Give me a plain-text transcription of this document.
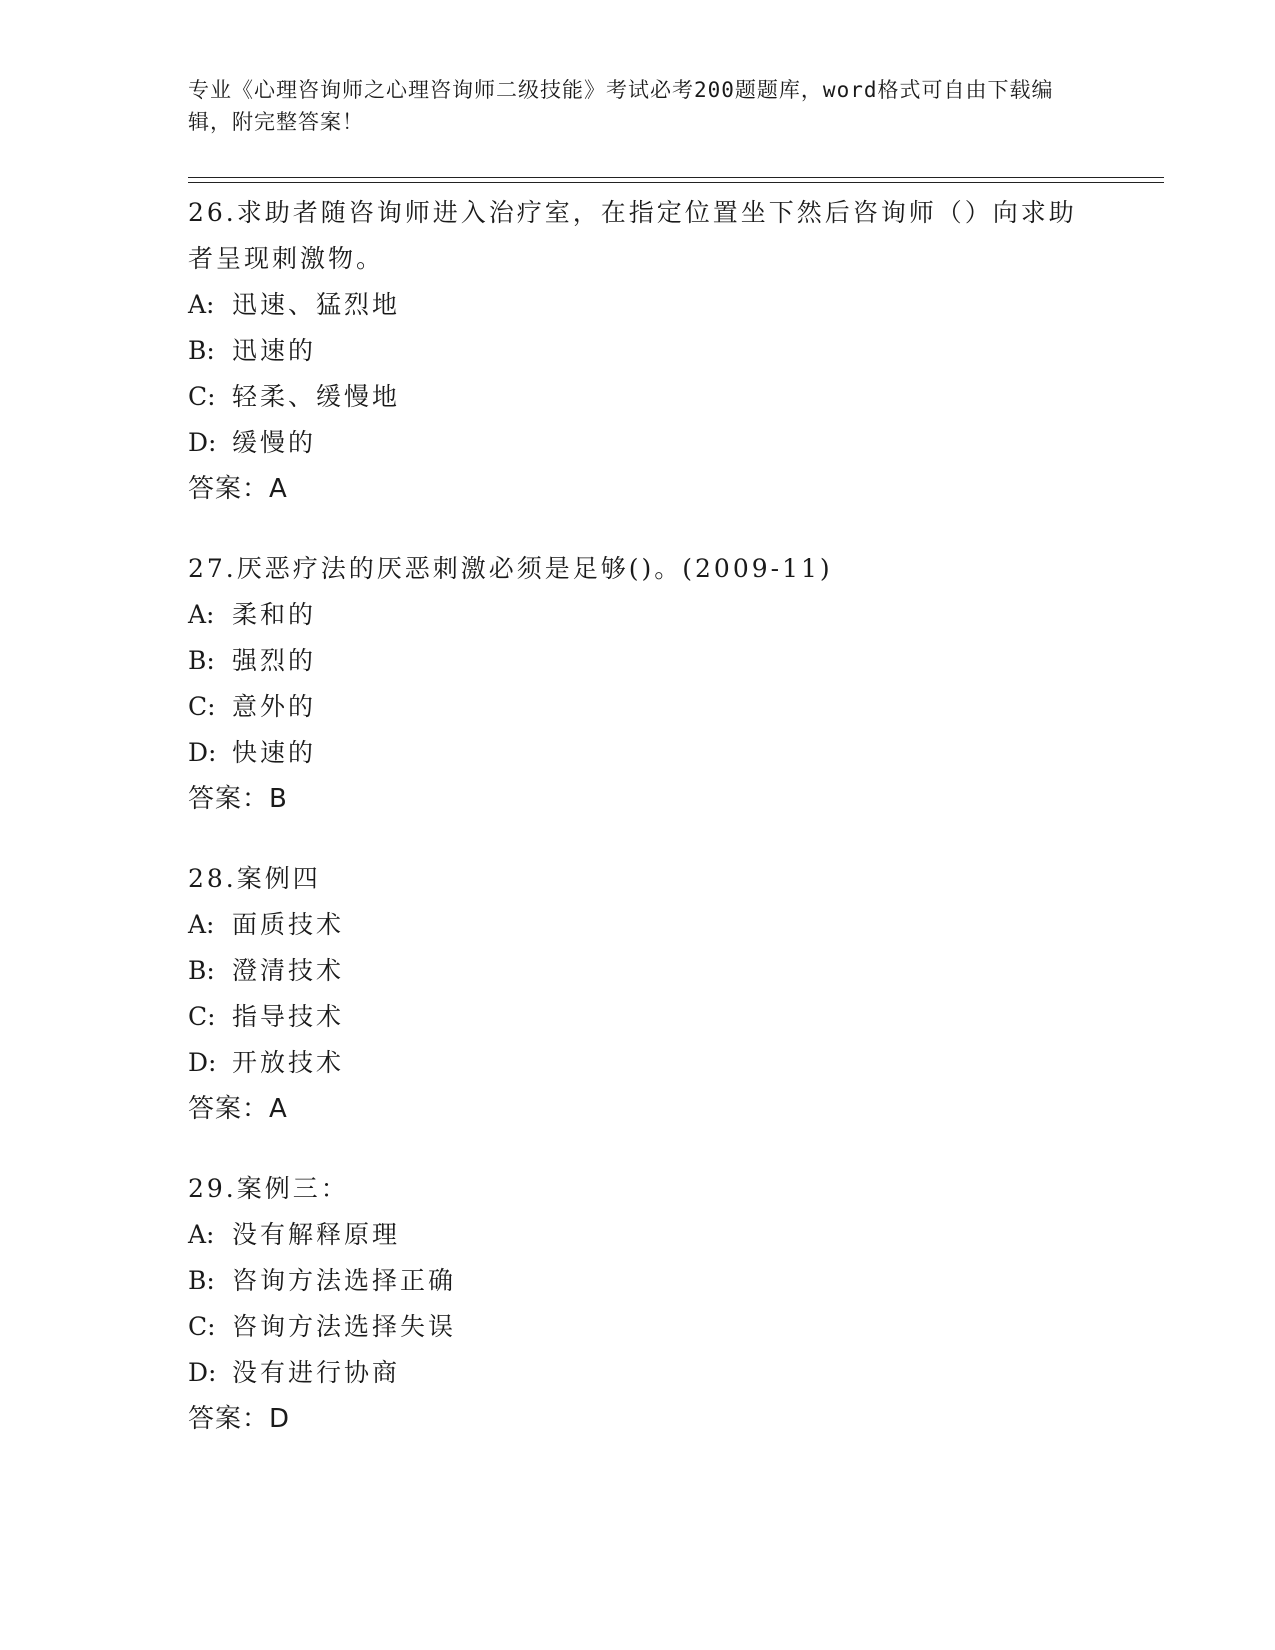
专业《心理咨询师之心理咨询师二级技能》考试必考200题题库，word格式可自由下载编辑，附完整答案！

26.求助者随咨询师进入治疗室，在指定位置坐下然后咨询师（）向求助者呈现刺激物。

A: 迅速、猛烈地
B: 迅速的
C: 轻柔、缓慢地
D: 缓慢的

答案：A

27.厌恶疗法的厌恶刺激必须是足够()。(2009-11)

A: 柔和的
B: 强烈的
C: 意外的
D: 快速的

答案：B

28.案例四

A: 面质技术
B: 澄清技术
C: 指导技术
D: 开放技术

答案：A

29.案例三：

A: 没有解释原理
B: 咨询方法选择正确
C: 咨询方法选择失误
D: 没有进行协商

答案：D
